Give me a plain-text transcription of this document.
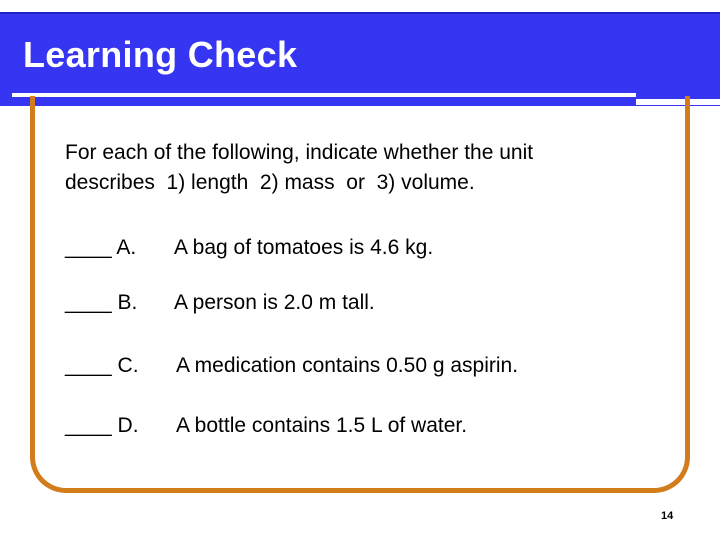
Learning Check

For each of the following, indicate whether the unit
describes  1) length  2) mass  or  3) volume.

____ A.

A bag of tomatoes is 4.6 kg.

____ B.

A person is 2.0 m tall.

____ C.

A medication contains 0.50 g aspirin.

____ D.

A bottle contains 1.5 L of water.

14
